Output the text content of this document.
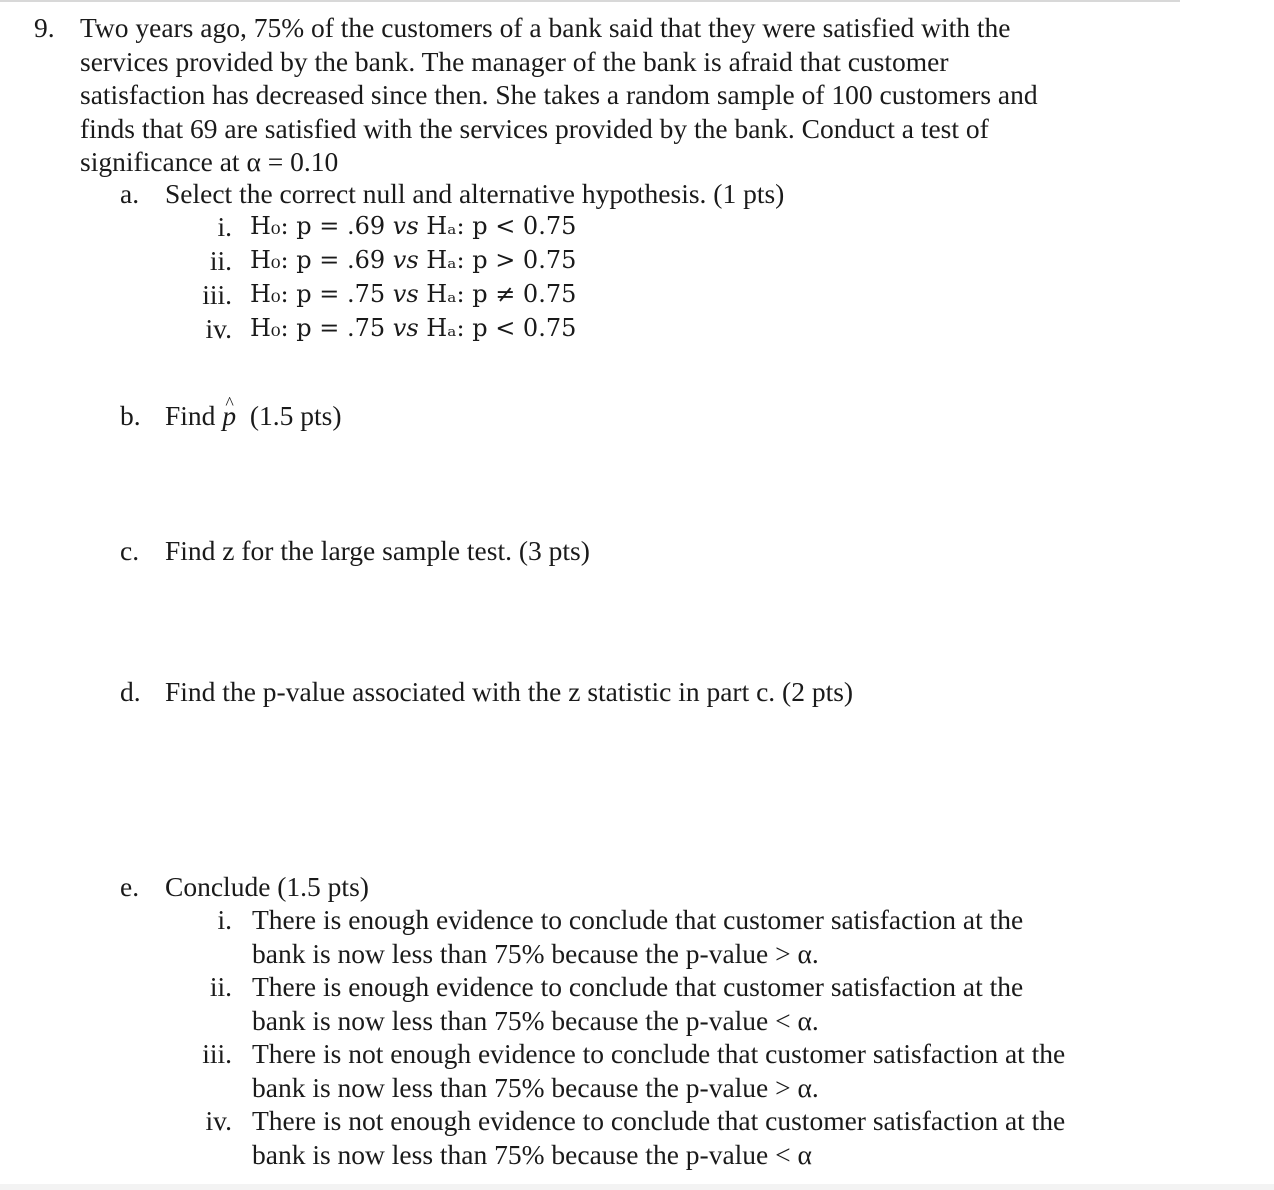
9. Two years ago, 75% of the customers of a bank said that they were satisfied with the
services provided by the bank. The manager of the bank is afraid that customer
satisfaction has decreased since then. She takes a random sample of 100 customers and
finds that 69 are satisfied with the services provided by the bank. Conduct a test of
significance at α = 0.10
a. Select the correct null and alternative hypothesis. (1 pts)
i. H₀: p = .69 vs Hₐ: p < 0.75
ii. H₀: p = .69 vs Hₐ: p > 0.75
iii. H₀: p = .75 vs Hₐ: p ≠ 0.75
iv. H₀: p = .75 vs Hₐ: p < 0.75
b. Find ^ p  (1.5 pts)
c. Find z for the large sample test. (3 pts)
d. Find the p-value associated with the z statistic in part c. (2 pts)
e. Conclude (1.5 pts)
i. There is enough evidence to conclude that customer satisfaction at the
bank is now less than 75% because the p-value > α.
ii. There is enough evidence to conclude that customer satisfaction at the
bank is now less than 75% because the p-value < α.
iii. There is not enough evidence to conclude that customer satisfaction at the
bank is now less than 75% because the p-value > α.
iv. There is not enough evidence to conclude that customer satisfaction at the
bank is now less than 75% because the p-value < α
